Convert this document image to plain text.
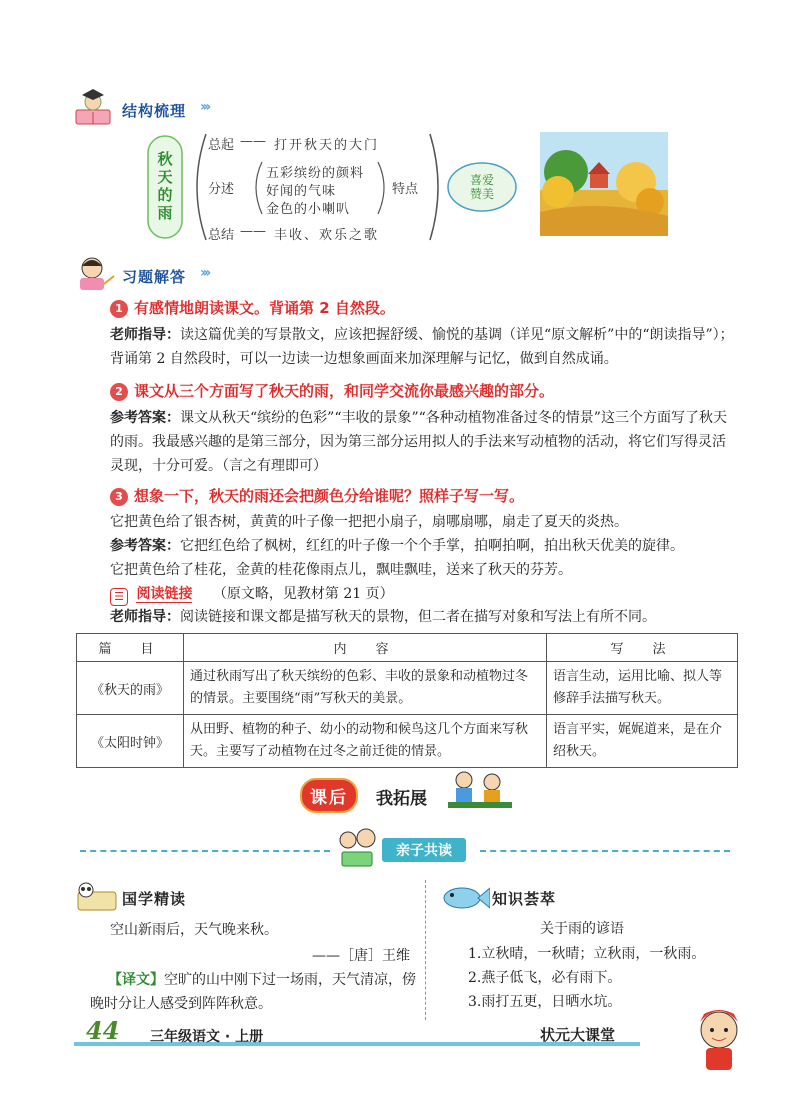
结构梳理 ›››
秋
天
的
雨
总起 —— 打开秋天的大门
分述
五彩缤纷的颜料
好闻的气味
金色的小喇叭
特点
总结 —— 丰收、欢乐之歌
喜爱
赞美
习题解答 ›››
1 有感情地朗读课文。背诵第 2 自然段。
老师指导：读这篇优美的写景散文，应该把握舒缓、愉悦的基调（详见“原文解析”中的“朗读指导”）；背诵第 2 自然段时，可以一边读一边想象画面来加深理解与记忆，做到自然成诵。
2 课文从三个方面写了秋天的雨，和同学交流你最感兴趣的部分。
参考答案：课文从秋天“缤纷的色彩”“丰收的景象”“各种动植物准备过冬的情景”这三个方面写了秋天的雨。我最感兴趣的是第三部分，因为第三部分运用拟人的手法来写动植物的活动，将它们写得灵活灵现，十分可爱。（言之有理即可）
3 想象一下，秋天的雨还会把颜色分给谁呢？照样子写一写。
它把黄色给了银杏树，黄黄的叶子像一把把小扇子，扇哪扇哪，扇走了夏天的炎热。
参考答案：它把红色给了枫树，红红的叶子像一个个手掌，拍啊拍啊，拍出秋天优美的旋律。
它把黄色给了桂花，金黄的桂花像雨点儿，飘哇飘哇，送来了秋天的芬芳。
☰ 阅读链接 （原文略，见教材第 21 页）
老师指导：阅读链接和课文都是描写秋天的景物，但二者在描写对象和写法上有所不同。
篇　目	内　容	写　法
《秋天的雨》	通过秋雨写出了秋天缤纷的色彩、丰收的景象和动植物过冬的情景。主要围绕“雨”写秋天的美景。	语言生动，运用比喻、拟人等修辞手法描写秋天。
《太阳时钟》	从田野、植物的种子、幼小的动物和候鸟这几个方面来写秋天。主要写了动植物在过冬之前迁徙的情景。	语言平实，娓娓道来，是在介绍秋天。
课后	我拓展
亲子共读
国学精读
空山新雨后，天气晚来秋。
——［唐］王维
【译文】空旷的山中刚下过一场雨，天气清凉，傍晚时分让人感受到阵阵秋意。
知识荟萃
关于雨的谚语
1.立秋晴，一秋晴；立秋雨，一秋雨。
2.燕子低飞，必有雨下。
3.雨打五更，日晒水坑。
44 三年级语文 · 上册	状元大课堂
